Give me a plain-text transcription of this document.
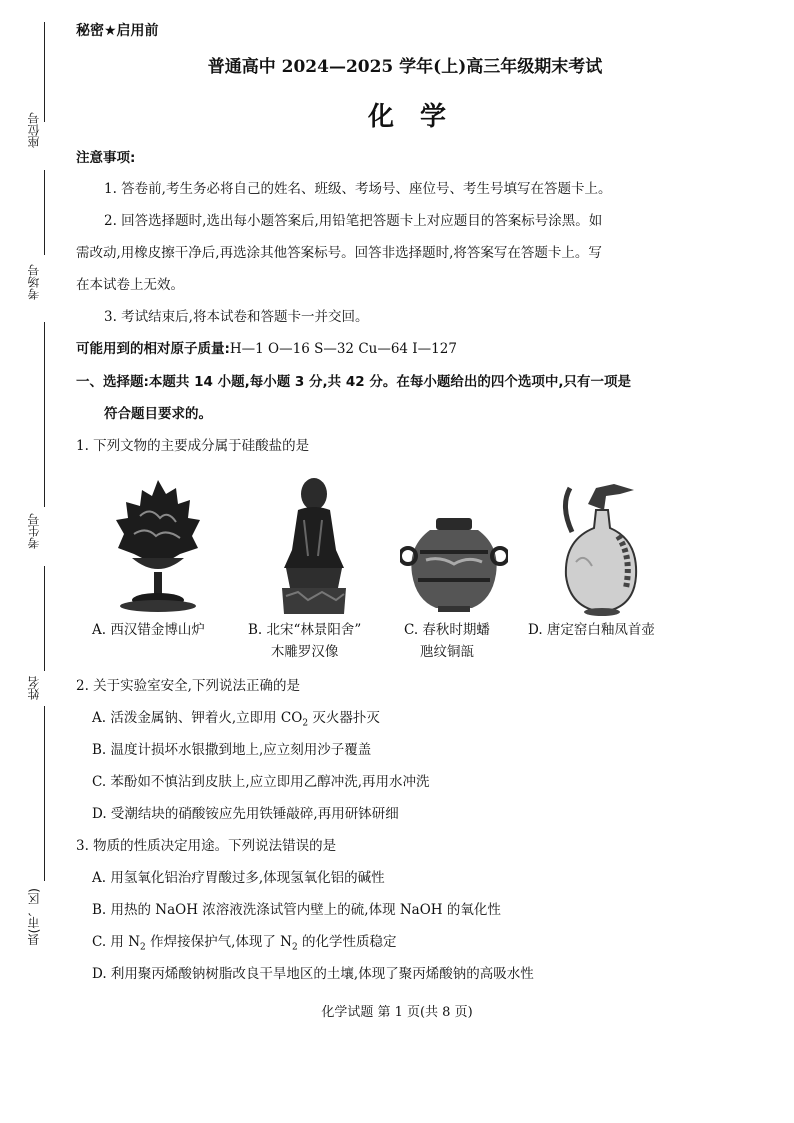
座位号
考场号
考生号
姓名
县(市、区)
秘密★启用前
普通高中 2024—2025 学年(上)高三年级期末考试
化学
注意事项:
1. 答卷前,考生务必将自己的姓名、班级、考场号、座位号、考生号填写在答题卡上。
2. 回答选择题时,选出每小题答案后,用铅笔把答题卡上对应题目的答案标号涂黑。如
需改动,用橡皮擦干净后,再选涂其他答案标号。回答非选择题时,将答案写在答题卡上。写
在本试卷上无效。
3. 考试结束后,将本试卷和答题卡一并交回。
可能用到的相对原子质量:H—1 O—16 S—32 Cu—64 I—127
一、选择题:本题共 14 小题,每小题 3 分,共 42 分。在每小题给出的四个选项中,只有一项是
符合题目要求的。
1. 下列文物的主要成分属于硅酸盐的是
A. 西汉错金博山炉	B. 北宋“林景阳舍”
木雕罗汉像
C. 春秋时期蟠
虺纹铜瓿
D. 唐定窑白釉凤首壶
2. 关于实验室安全,下列说法正确的是
A. 活泼金属钠、钾着火,立即用 $CO_2$ 灭火器扑灭
B. 温度计损坏水银撒到地上,应立刻用沙子覆盖
C. 苯酚如不慎沾到皮肤上,应立即用乙醇冲洗,再用水冲洗
D. 受潮结块的硝酸铵应先用铁锤敲碎,再用研钵研细
3. 物质的性质决定用途。下列说法错误的是
A. 用氢氧化铝治疗胃酸过多,体现氢氧化铝的碱性
B. 用热的 NaOH 浓溶液洗涤试管内壁上的硫,体现 NaOH 的氧化性
C. 用 $N_2$ 作焊接保护气,体现了 $N_2$ 的化学性质稳定
D. 利用聚丙烯酸钠树脂改良干旱地区的土壤,体现了聚丙烯酸钠的高吸水性
化学试题 第 1 页(共 8 页)
